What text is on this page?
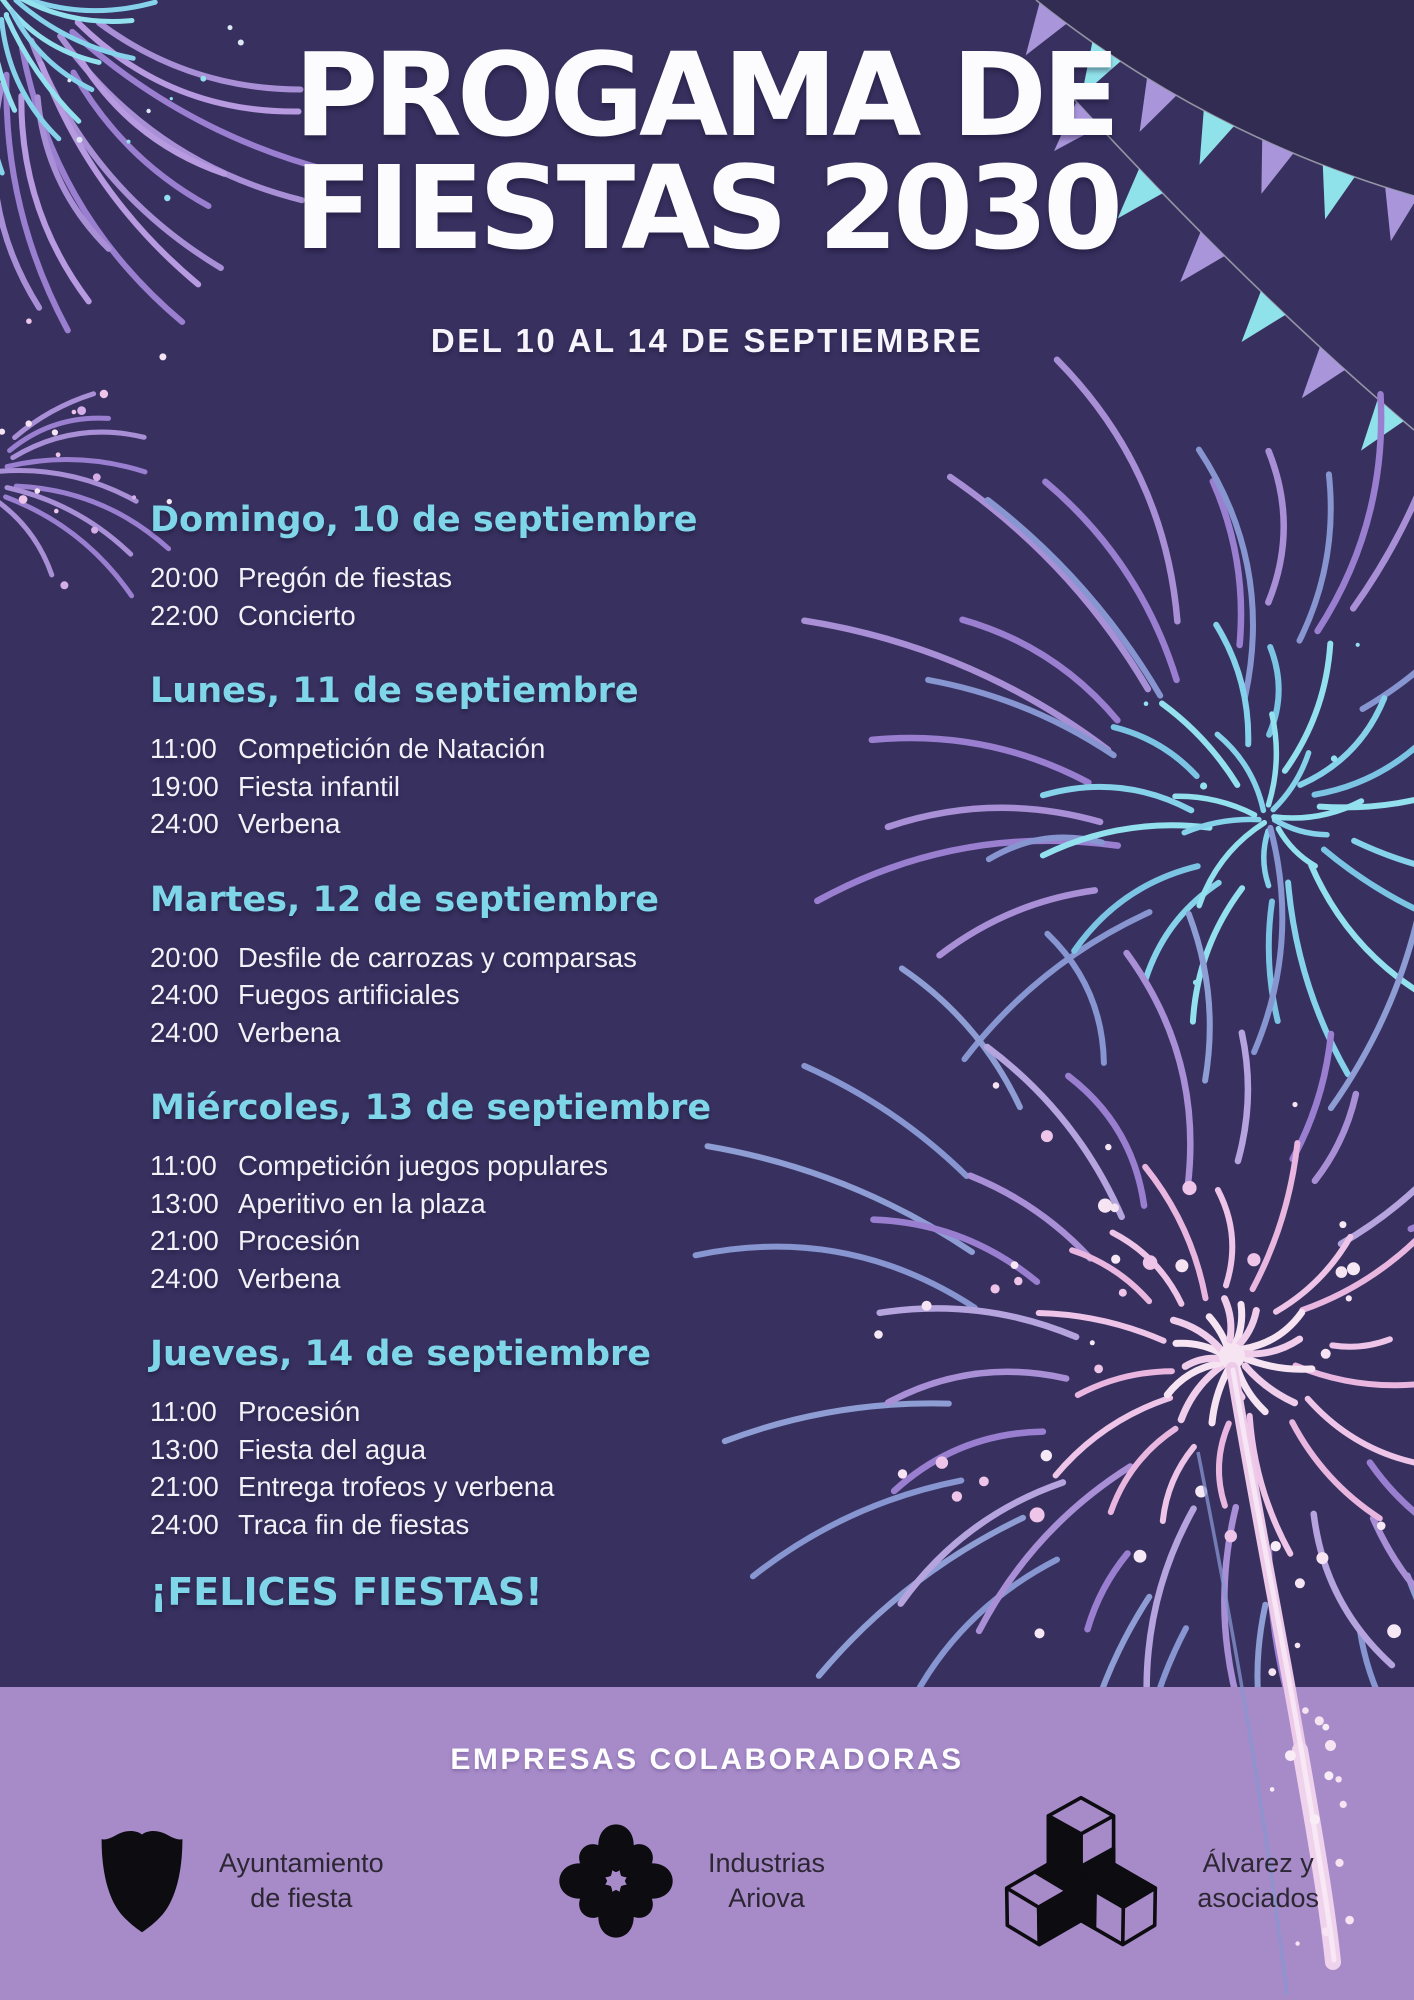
PROGAMA DE
FIESTAS 2030
DEL 10 AL 14 DE SEPTIEMBRE
Domingo, 10 de septiembre
20:00 Pregón de fiestas
22:00 Concierto
Lunes, 11 de septiembre
11:00 Competición de Natación
19:00 Fiesta infantil
24:00 Verbena
Martes, 12 de septiembre
20:00 Desfile de carrozas y comparsas
24:00 Fuegos artificiales
24:00 Verbena
Miércoles, 13 de septiembre
11:00 Competición juegos populares
13:00 Aperitivo en la plaza
21:00 Procesión
24:00 Verbena
Jueves, 14 de septiembre
11:00 Procesión
13:00 Fiesta del agua
21:00 Entrega trofeos y verbena
24:00 Traca fin de fiestas
¡FELICES FIESTAS!
EMPRESAS COLABORADORAS
Ayuntamiento
de fiesta
Industrias
Ariova
Álvarez y
asociados
